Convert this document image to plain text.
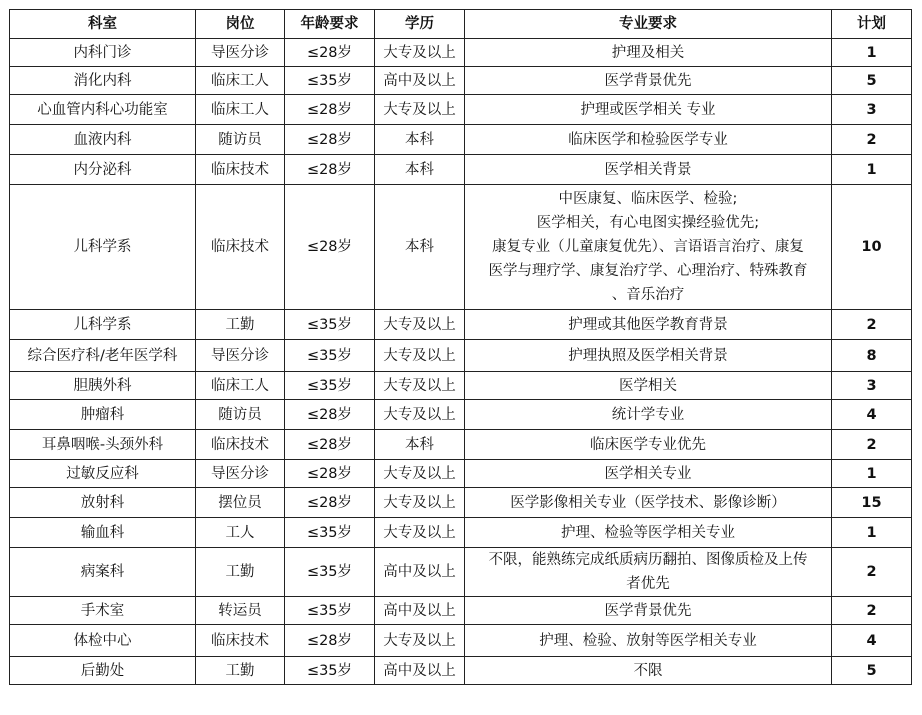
科室	岗位	年龄要求	学历	专业要求	计划
内科门诊	导医分诊	≤28岁	大专及以上	护理及相关	1
消化内科	临床工人	≤35岁	高中及以上	医学背景优先	5
心血管内科心功能室	临床工人	≤28岁	大专及以上	护理或医学相关 专业	3
血液内科	随访员	≤28岁	本科	临床医学和检验医学专业	2
内分泌科	临床技术	≤28岁	本科	医学相关背景	1
儿科学系	临床技术	≤28岁	本科	中医康复、临床医学、检验;
医学相关，有心电图实操经验优先;
康复专业（儿童康复优先）、言语语言治疗、康复
医学与理疗学、康复治疗学、心理治疗、特殊教育
、音乐治疗	10
儿科学系	工勤	≤35岁	大专及以上	护理或其他医学教育背景	2
综合医疗科/老年医学科	导医分诊	≤35岁	大专及以上	护理执照及医学相关背景	8
胆胰外科	临床工人	≤35岁	大专及以上	医学相关	3
肿瘤科	随访员	≤28岁	大专及以上	统计学专业	4
耳鼻咽喉-头颈外科	临床技术	≤28岁	本科	临床医学专业优先	2
过敏反应科	导医分诊	≤28岁	大专及以上	医学相关专业	1
放射科	摆位员	≤28岁	大专及以上	医学影像相关专业（医学技术、影像诊断）	15
输血科	工人	≤35岁	大专及以上	护理、检验等医学相关专业	1
病案科	工勤	≤35岁	高中及以上	不限，能熟练完成纸质病历翻拍、图像质检及上传
者优先	2
手术室	转运员	≤35岁	高中及以上	医学背景优先	2
体检中心	临床技术	≤28岁	大专及以上	护理、检验、放射等医学相关专业	4
后勤处	工勤	≤35岁	高中及以上	不限	5
